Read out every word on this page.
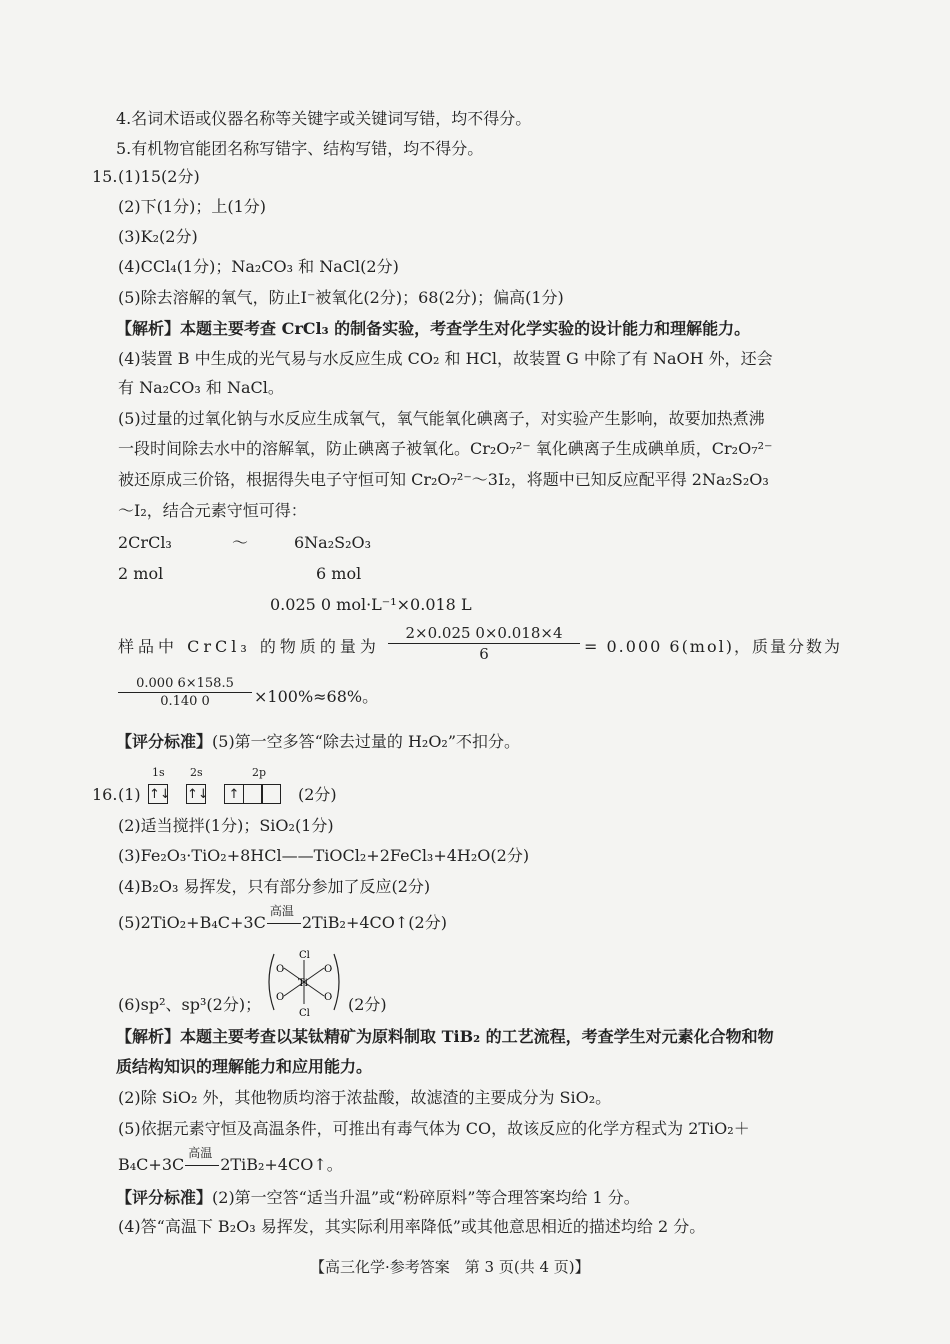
4.名词术语或仪器名称等关键字或关键词写错，均不得分。
5.有机物官能团名称写错字、结构写错，均不得分。
15. (1)15(2分)
(2)下(1分)；上(1分)
(3)K₂(2分)
(4)CCl₄(1分)；Na₂CO₃ 和 NaCl(2分)
(5)除去溶解的氧气，防止I⁻被氧化(2分)；68(2分)；偏高(1分)
【解析】本题主要考查 CrCl₃ 的制备实验，考查学生对化学实验的设计能力和理解能力。
(4)装置 B 中生成的光气易与水反应生成 CO₂ 和 HCl，故装置 G 中除了有 NaOH 外，还会
有 Na₂CO₃ 和 NaCl。
(5)过量的过氧化钠与水反应生成氧气，氧气能氧化碘离子，对实验产生影响，故要加热煮沸
一段时间除去水中的溶解氧，防止碘离子被氧化。Cr₂O₇²⁻ 氧化碘离子生成碘单质，Cr₂O₇²⁻
被还原成三价铬，根据得失电子守恒可知 Cr₂O₇²⁻～3I₂，将题中已知反应配平得 2Na₂S₂O₃
～I₂，结合元素守恒可得：
2CrCl₃	～	6Na₂S₂O₃
2 mol	6 mol
0.025 0 mol·L⁻¹×0.018 L
样品中 CrCl₃ 的物质的量为
2×0.025 0×0.018×4
6	= 0.000 6(mol)，质量分数为
0.000 6×158.5
0.140 0	×100%≈68%。
【评分标准】(5)第一空多答“除去过量的 H₂O₂”不扣分。
16. (1)
1s
↑↓
2s
↑↓
2p
↑	(2分)
(2)适当搅拌(1分)；SiO₂(1分)
(3)Fe₂O₃·TiO₂+8HCl——TiOCl₂+2FeCl₃+4H₂O(2分)
(4)B₂O₃ 易挥发，只有部分参加了反应(2分)
(5)2TiO₂+B₄C+3C
高温
2TiB₂+4CO↑(2分)
(6)sp²、sp³(2分)；
Cl
Cl
O	O
O	O
Ti
(2分)
【解析】本题主要考查以某钛精矿为原料制取 TiB₂ 的工艺流程，考查学生对元素化合物和物
质结构知识的理解能力和应用能力。
(2)除 SiO₂ 外，其他物质均溶于浓盐酸，故滤渣的主要成分为 SiO₂。
(5)依据元素守恒及高温条件，可推出有毒气体为 CO，故该反应的化学方程式为 2TiO₂＋
B₄C+3C
高温
2TiB₂+4CO↑。
【评分标准】(2)第一空答“适当升温”或“粉碎原料”等合理答案均给 1 分。
(4)答“高温下 B₂O₃ 易挥发，其实际利用率降低”或其他意思相近的描述均给 2 分。
【高三化学·参考答案　第 3 页(共 4 页)】
